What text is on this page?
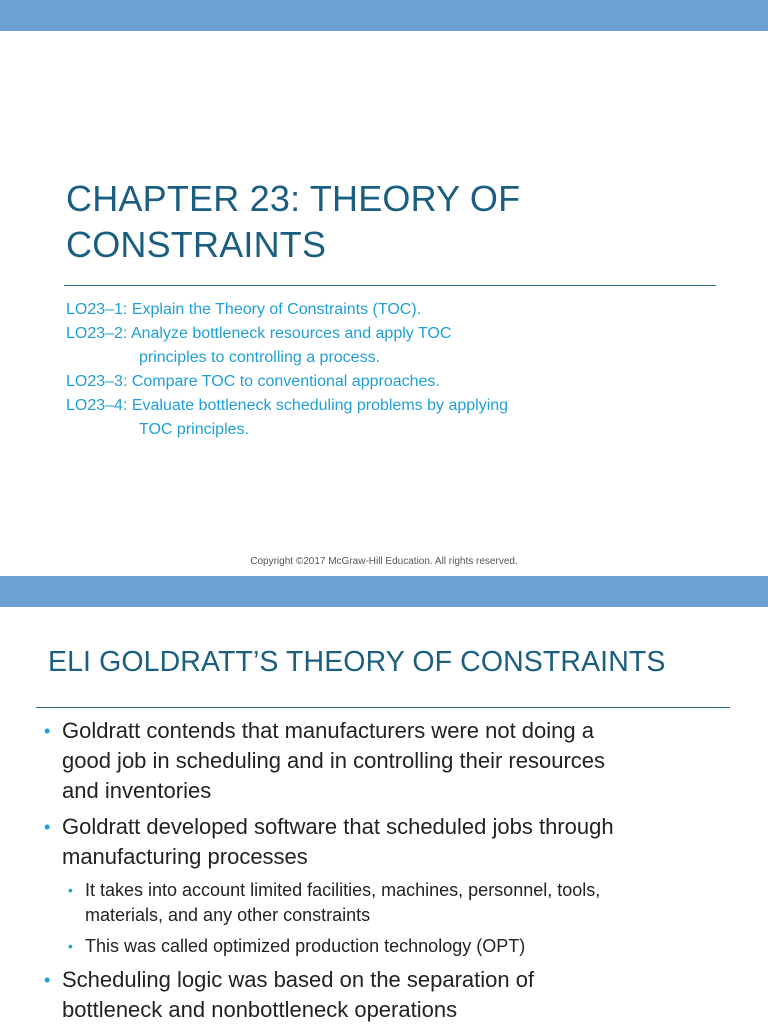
CHAPTER 23: THEORY OF
CONSTRAINTS

LO23–1: Explain the Theory of Constraints (TOC).

LO23–2: Analyze bottleneck resources and apply TOC
principles to controlling a process.

LO23–3: Compare TOC to conventional approaches.

LO23–4: Evaluate bottleneck scheduling problems by applying
TOC principles.

Copyright ©2017 McGraw-Hill Education. All rights reserved.
ELI GOLDRATT’S THEORY OF CONSTRAINTS
• Goldratt contends that manufacturers were not doing a
good job in scheduling and in controlling their resources
and inventories
• Goldratt developed software that scheduled jobs through
manufacturing processes
• It takes into account limited facilities, machines, personnel, tools,
materials, and any other constraints
• This was called optimized production technology (OPT)
• Scheduling logic was based on the separation of
bottleneck and nonbottleneck operations
